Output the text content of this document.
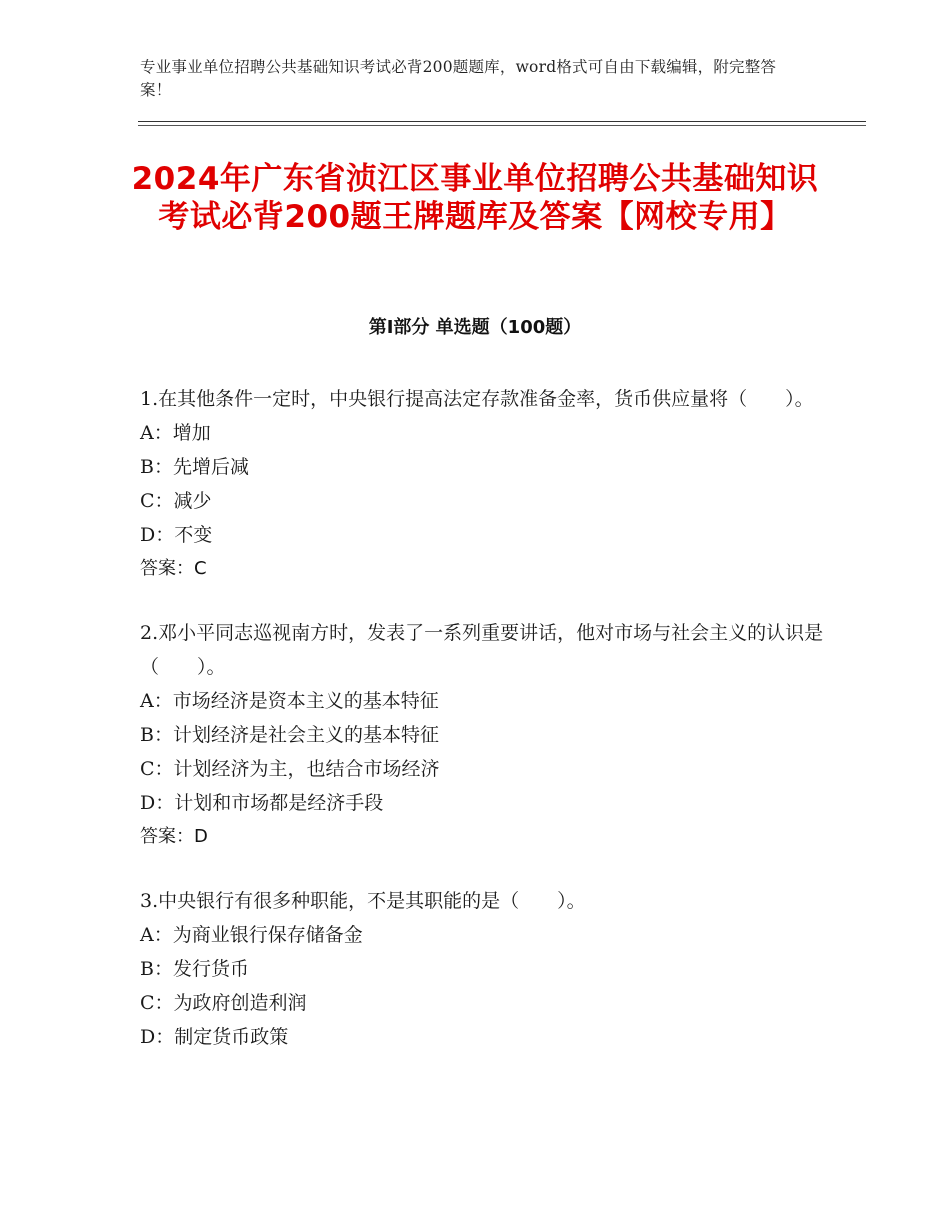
专业事业单位招聘公共基础知识考试必背200题题库，word格式可自由下载编辑，附完整答案！
2024年广东省浈江区事业单位招聘公共基础知识考试必背200题王牌题库及答案【网校专用】
第Ⅰ部分 单选题（100题）

1.在其他条件一定时，中央银行提高法定存款准备金率，货币供应量将（　　）。

A：增加

B：先增后减

C：减少

D：不变

答案：C

2.邓小平同志巡视南方时，发表了一系列重要讲话，他对市场与社会主义的认识是（　　）。

A：市场经济是资本主义的基本特征

B：计划经济是社会主义的基本特征

C：计划经济为主，也结合市场经济

D：计划和市场都是经济手段

答案：D

3.中央银行有很多种职能，不是其职能的是（　　）。

A：为商业银行保存储备金

B：发行货币

C：为政府创造利润

D：制定货币政策
